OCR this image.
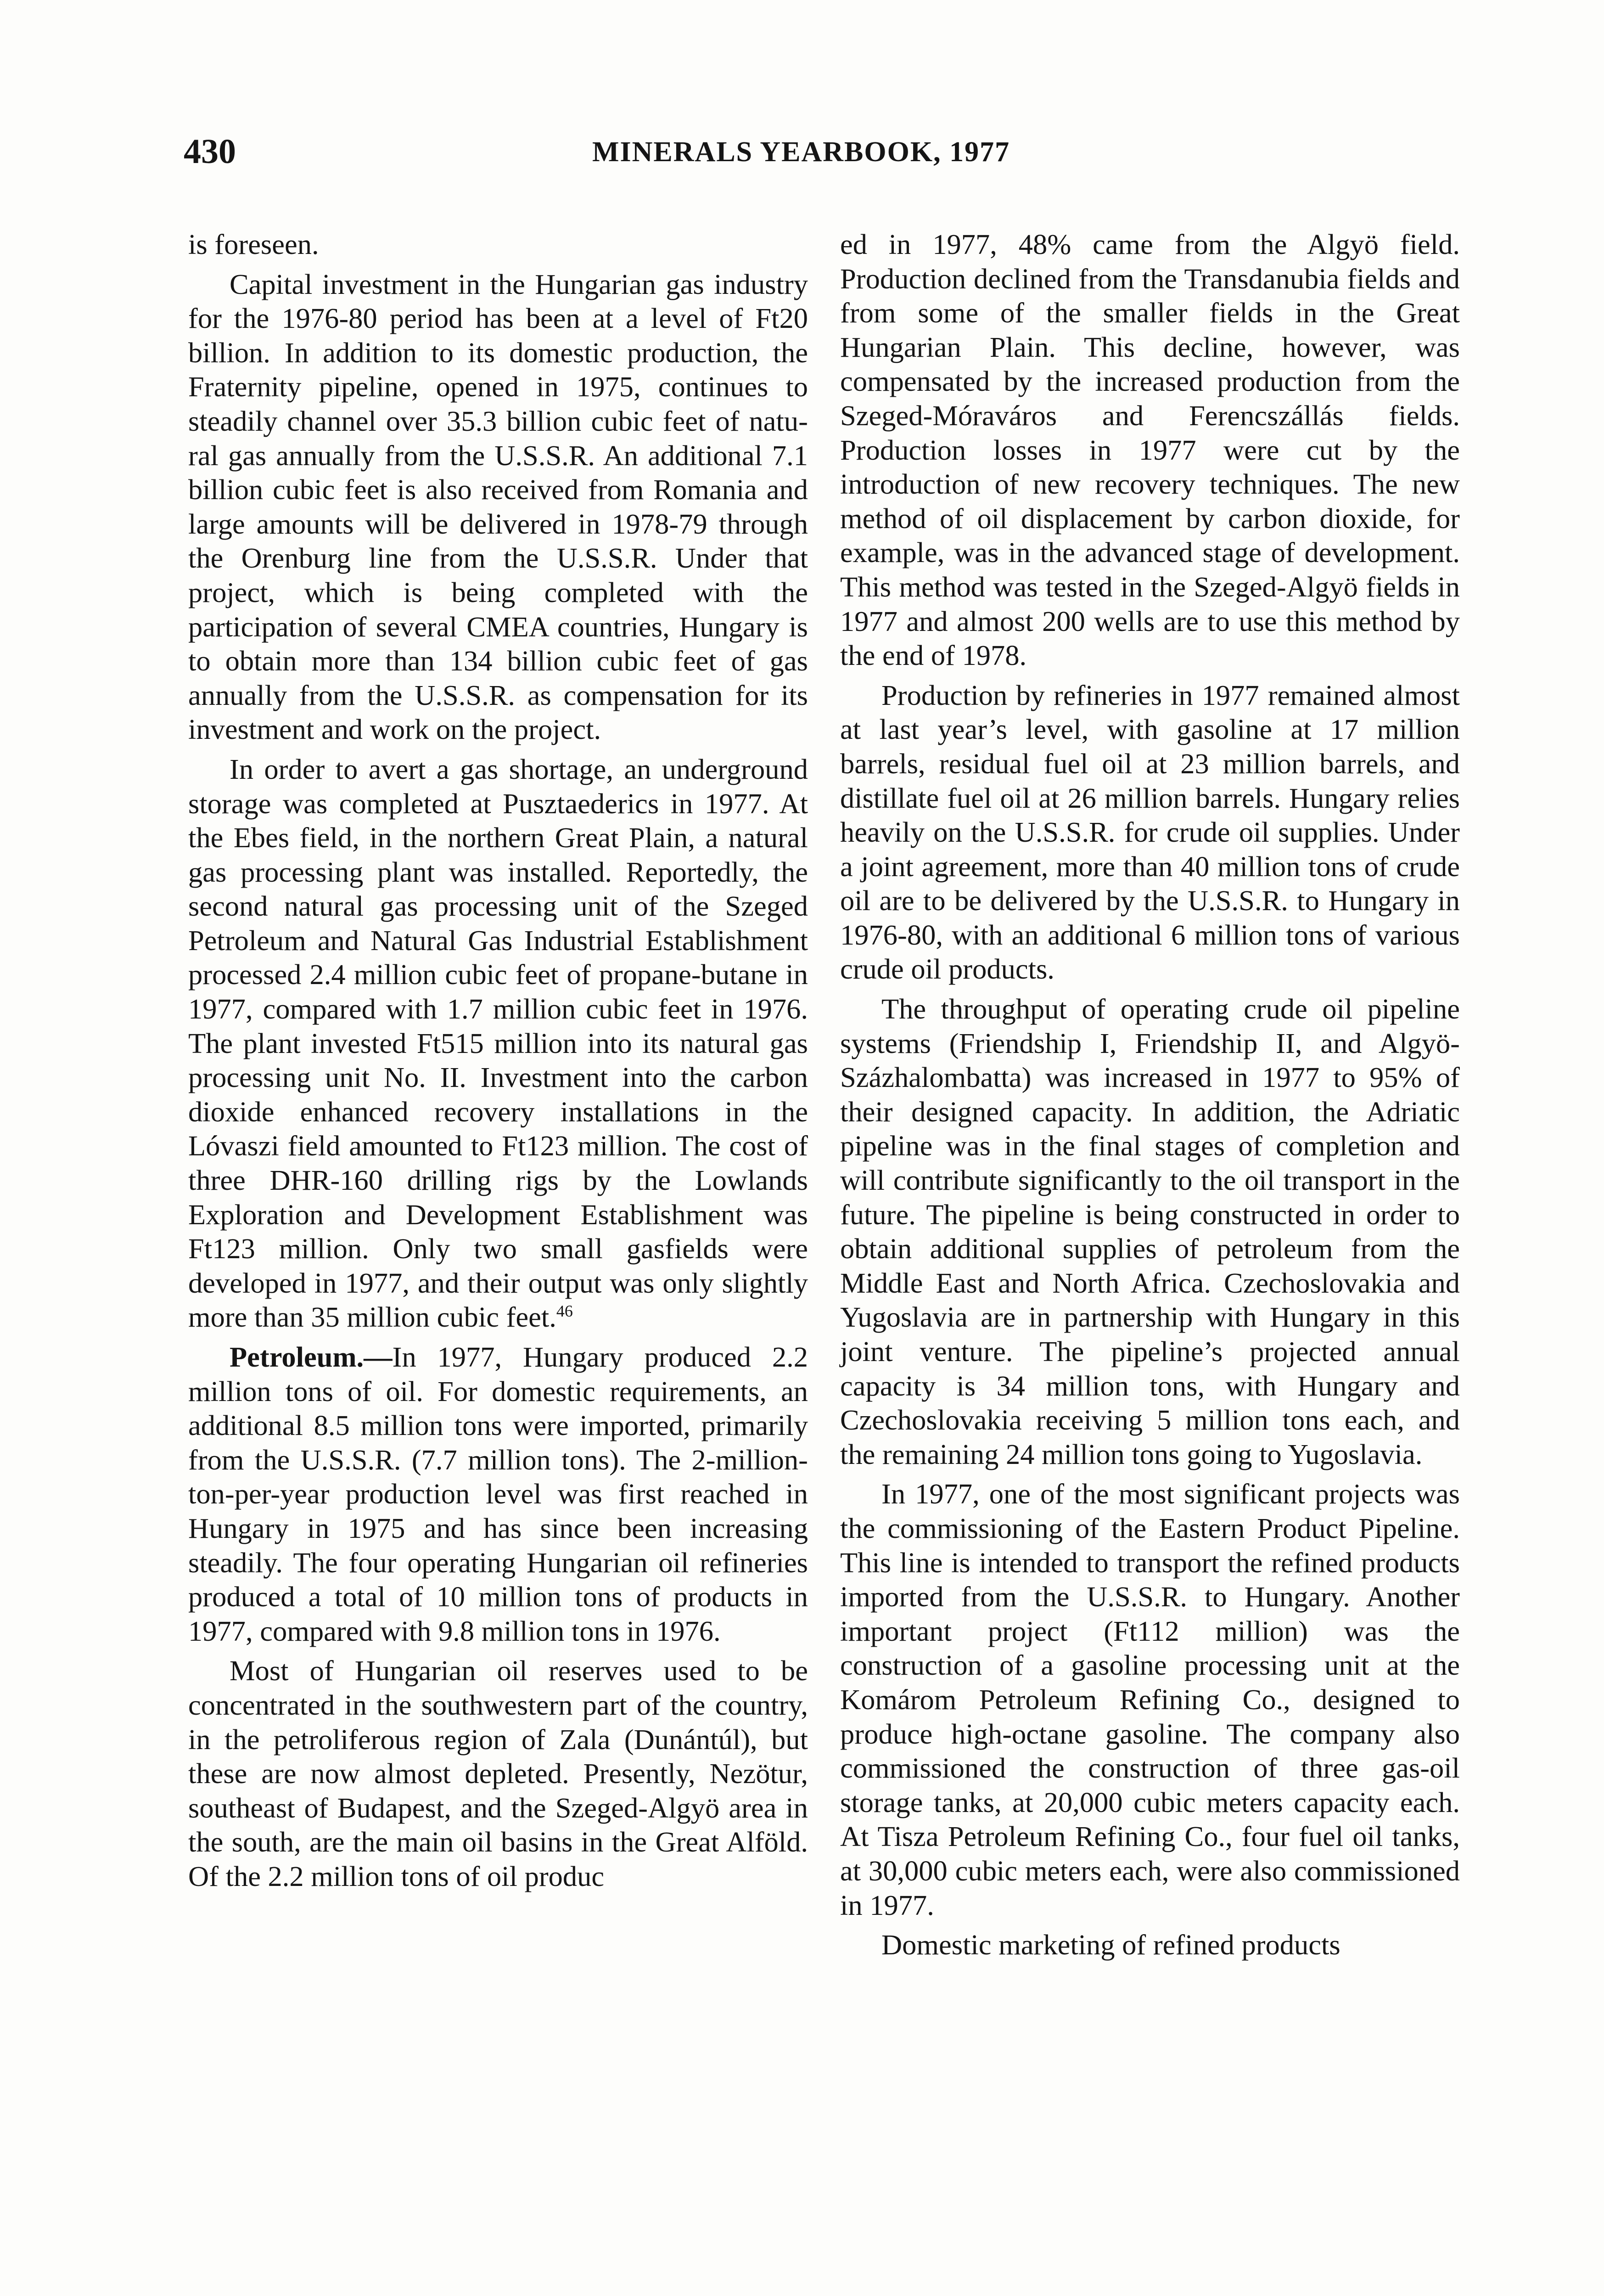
430	MINERALS YEARBOOK, 1977

is foreseen.

Capital investment in the Hungarian gas industry for the 1976-80 period has been at a level of Ft20 billion. In addition to its domestic production, the Fraternity pipeline, opened in 1975, continues to steadily channel over 35.3 billion cubic feet of natural gas annually from the U.S.S.R. An additional 7.1 billion cubic feet is also received from Romania and large amounts will be delivered in 1978-79 through the Orenburg line from the U.S.S.R. Under that project, which is being completed with the participation of several CMEA countries, Hungary is to obtain more than 134 billion cubic feet of gas annually from the U.S.S.R. as compensation for its investment and work on the project.

In order to avert a gas shortage, an underground storage was completed at Pusztaederics in 1977. At the Ebes field, in the northern Great Plain, a natural gas processing plant was installed. Reportedly, the second natural gas processing unit of the Szeged Petroleum and Natural Gas Industrial Establishment processed 2.4 million cubic feet of propane-butane in 1977, compared with 1.7 million cubic feet in 1976. The plant invested Ft515 million into its natural gas processing unit No. II. Investment into the carbon dioxide enhanced recovery installations in the Lóvaszi field amounted to Ft123 million. The cost of three DHR-160 drilling rigs by the Lowlands Exploration and Development Establishment was Ft123 million. Only two small gasfields were developed in 1977, and their output was only slightly more than 35 million cubic feet.$^{46}$

Petroleum.—In 1977, Hungary produced 2.2 million tons of oil. For domestic requirements, an additional 8.5 million tons were imported, primarily from the U.S.S.R. (7.7 million tons). The 2-million-ton-per-year production level was first reached in Hungary in 1975 and has since been increasing steadily. The four operating Hungarian oil refineries produced a total of 10 million tons of products in 1977, compared with 9.8 million tons in 1976.

Most of Hungarian oil reserves used to be concentrated in the southwestern part of the country, in the petroliferous region of Zala (Dunántúl), but these are now almost depleted. Presently, Nezötur, southeast of Budapest, and the Szeged-Algyö area in the south, are the main oil basins in the Great Alföld. Of the 2.2 million tons of oil produc

ed in 1977, 48% came from the Algyö field. Production declined from the Transdanubia fields and from some of the smaller fields in the Great Hungarian Plain. This decline, however, was compensated by the increased production from the Szeged-Móraváros and Ferencszállás fields. Production losses in 1977 were cut by the introduction of new recovery techniques. The new method of oil displacement by carbon dioxide, for example, was in the advanced stage of development. This method was tested in the Szeged-Algyö fields in 1977 and almost 200 wells are to use this method by the end of 1978.

Production by refineries in 1977 remained almost at last year’s level, with gasoline at 17 million barrels, residual fuel oil at 23 million barrels, and distillate fuel oil at 26 million barrels. Hungary relies heavily on the U.S.S.R. for crude oil supplies. Under a joint agreement, more than 40 million tons of crude oil are to be delivered by the U.S.S.R. to Hungary in 1976-80, with an additional 6 million tons of various crude oil products.

The throughput of operating crude oil pipeline systems (Friendship I, Friendship II, and Algyö-Százhalombatta) was increased in 1977 to 95% of their designed capacity. In addition, the Adriatic pipeline was in the final stages of completion and will contribute significantly to the oil transport in the future. The pipeline is being constructed in order to obtain additional supplies of petroleum from the Middle East and North Africa. Czechoslovakia and Yugoslavia are in partnership with Hungary in this joint venture. The pipeline’s projected annual capacity is 34 million tons, with Hungary and Czechoslovakia receiving 5 million tons each, and the remaining 24 million tons going to Yugoslavia.

In 1977, one of the most significant projects was the commissioning of the Eastern Product Pipeline. This line is intended to transport the refined products imported from the U.S.S.R. to Hungary. Another important project (Ft112 million) was the construction of a gasoline processing unit at the Komárom Petroleum Refining Co., designed to produce high-octane gasoline. The company also commissioned the construction of three gas-oil storage tanks, at 20,000 cubic meters capacity each. At Tisza Petroleum Refining Co., four fuel oil tanks, at 30,000 cubic meters each, were also commissioned in 1977.

Domestic marketing of refined products
